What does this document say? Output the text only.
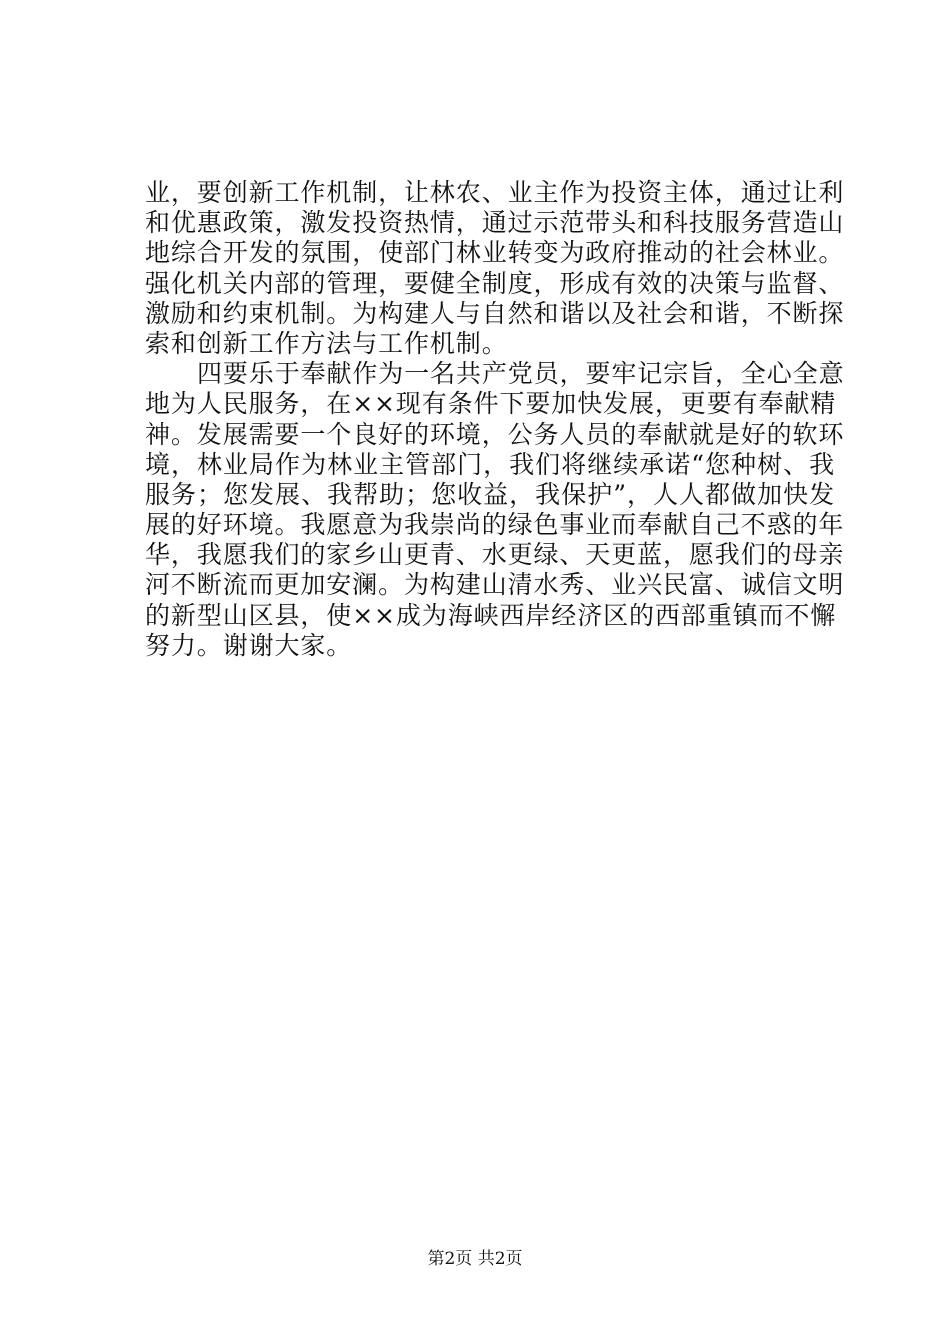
业，要创新工作机制，让林农、业主作为投资主体，通过让利
和优惠政策，激发投资热情，通过示范带头和科技服务营造山
地综合开发的氛围，使部门林业转变为政府推动的社会林业。
强化机关内部的管理，要健全制度，形成有效的决策与监督、
激励和约束机制。为构建人与自然和谐以及社会和谐，不断探
索和创新工作方法与工作机制。
四要乐于奉献作为一名共产党员，要牢记宗旨，全心全意
地为人民服务，在××现有条件下要加快发展，更要有奉献精
神。发展需要一个良好的环境，公务人员的奉献就是好的软环
境，林业局作为林业主管部门，我们将继续承诺“您种树、我
服务；您发展、我帮助；您收益，我保护”，人人都做加快发
展的好环境。我愿意为我崇尚的绿色事业而奉献自己不惑的年
华，我愿我们的家乡山更青、水更绿、天更蓝，愿我们的母亲
河不断流而更加安澜。为构建山清水秀、业兴民富、诚信文明
的新型山区县，使××成为海峡西岸经济区的西部重镇而不懈
努力。谢谢大家。
第2页 共2页
